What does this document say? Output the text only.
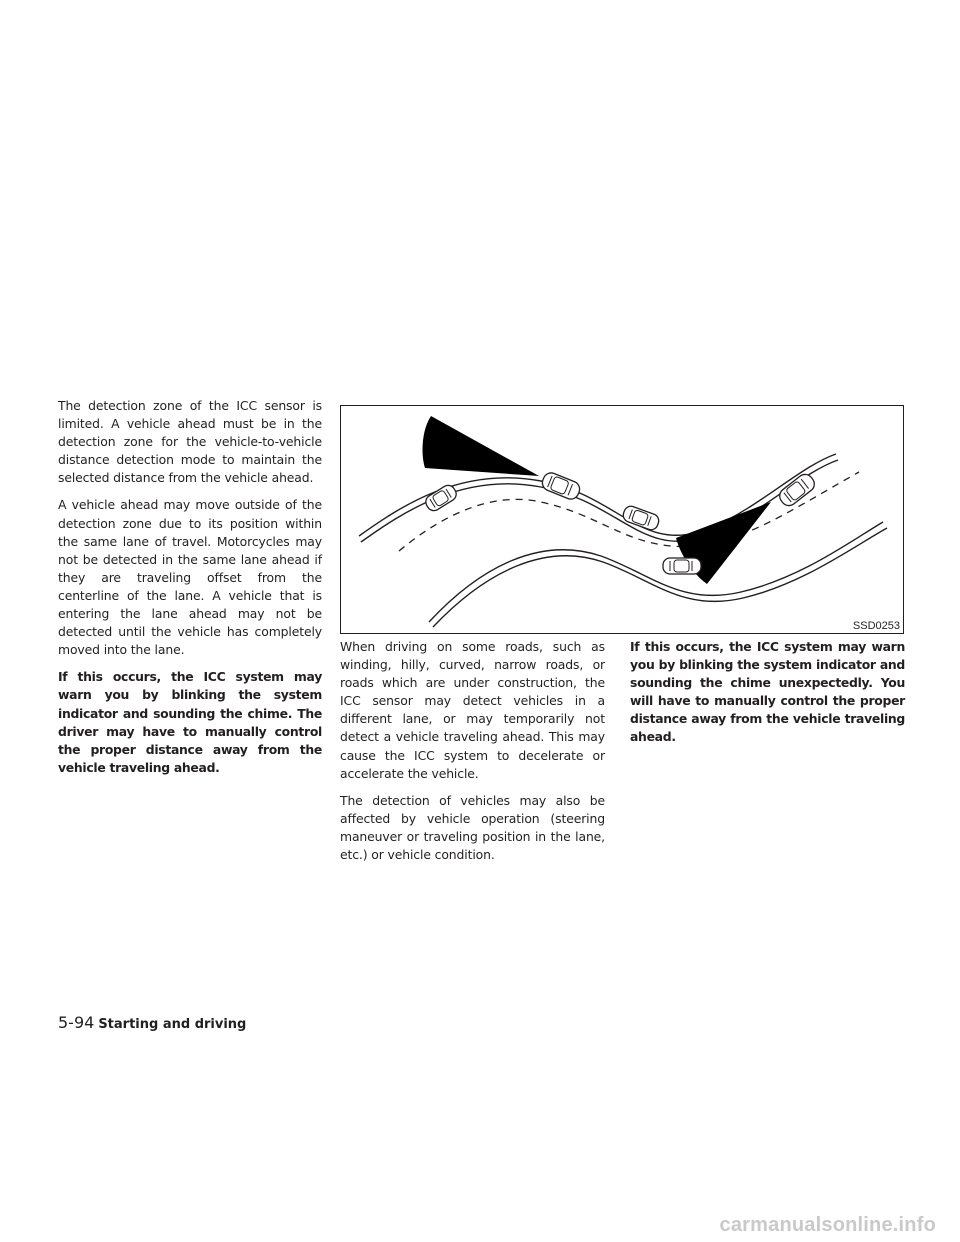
The detection zone of the ICC sensor is limited. A vehicle ahead must be in the detection zone for the vehicle-to-vehicle distance detection mode to maintain the selected distance from the vehicle ahead.

A vehicle ahead may move outside of the detection zone due to its position within the same lane of travel. Motorcycles may not be detected in the same lane ahead if they are traveling offset from the centerline of the lane. A vehicle that is entering the lane ahead may not be detected until the vehicle has completely moved into the lane.

If this occurs, the ICC system may warn you by blinking the system indicator and sounding the chime. The driver may have to manually control the proper distance away from the vehicle traveling ahead.

SSD0253

When driving on some roads, such as winding, hilly, curved, narrow roads, or roads which are under construction, the ICC sensor may detect vehicles in a different lane, or may temporarily not detect a vehicle traveling ahead. This may cause the ICC system to decelerate or accelerate the vehicle.

The detection of vehicles may also be affected by vehicle operation (steering maneuver or traveling position in the lane, etc.) or vehicle condition.

If this occurs, the ICC system may warn you by blinking the system indicator and sounding the chime unexpectedly. You will have to manually control the proper distance away from the vehicle traveling ahead.

5-94 Starting and driving
carmanualsonline.info
